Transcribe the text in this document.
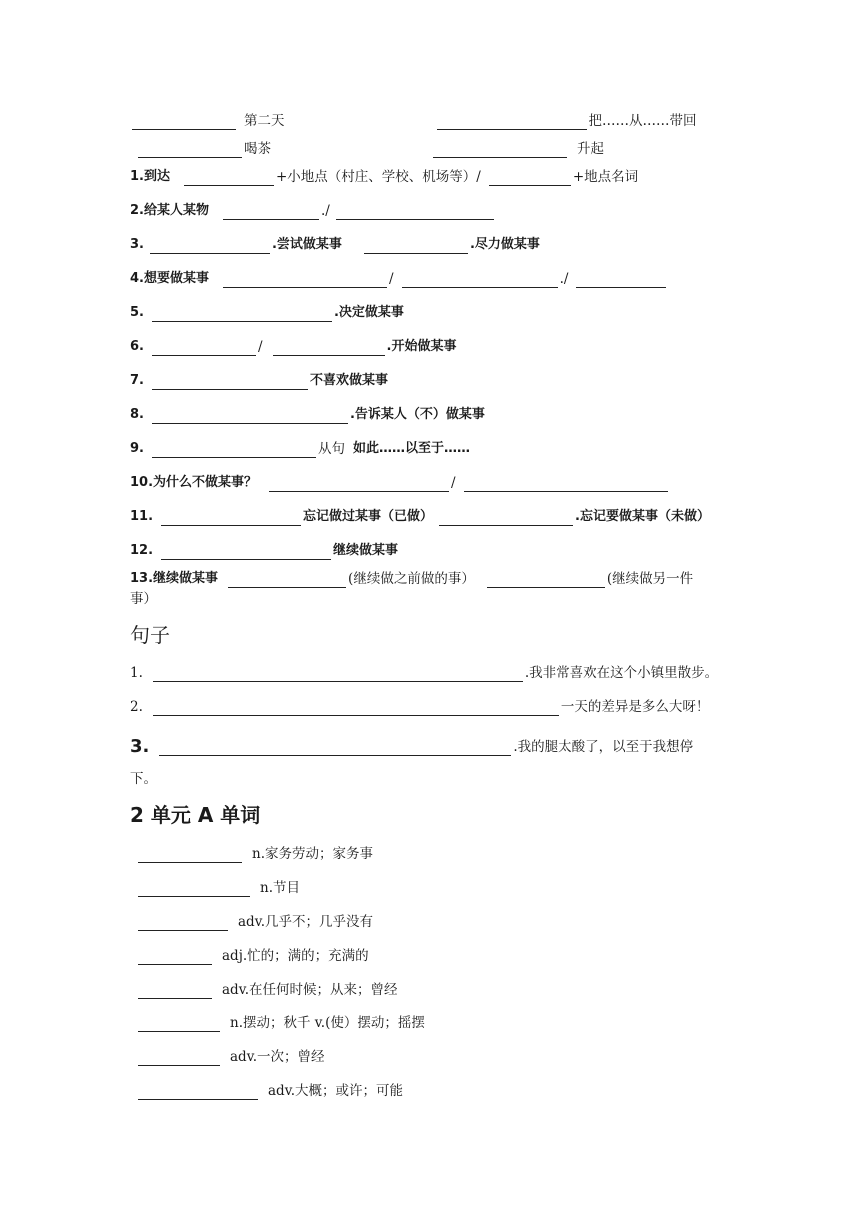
第二天	把……从……带回
喝茶	升起
1. 到达	+小地点（村庄、学校、机场等）/	+地点名词
2. 给某人某物	./
3.	.尝试做某事	.尽力做某事
4. 想要做某事	/	./
5.	.决定做某事
6.	/	.开始做某事
7.	不喜欢做某事
8.	.告诉某人（不）做某事
9.	从句 如此……以至于……
10. 为什么不做某事？	/
11.	忘记做过某事（已做）	.忘记要做某事（未做）
12.	继续做某事
13. 继续做某事	(继续做之前做的事）	(继续做另一件
事）
句子
1.	.我非常喜欢在这个小镇里散步。
2.	一天的差异是多么大呀！
3.	.我的腿太酸了，以至于我想停
下。
2 单元 A 单词
n.家务劳动；家务事
n.节目
adv.几乎不；几乎没有
adj.忙的；满的；充满的
adv.在任何时候；从来；曾经
n.摆动；秋千 v.(使）摆动；摇摆
adv.一次；曾经
adv.大概；或许；可能
